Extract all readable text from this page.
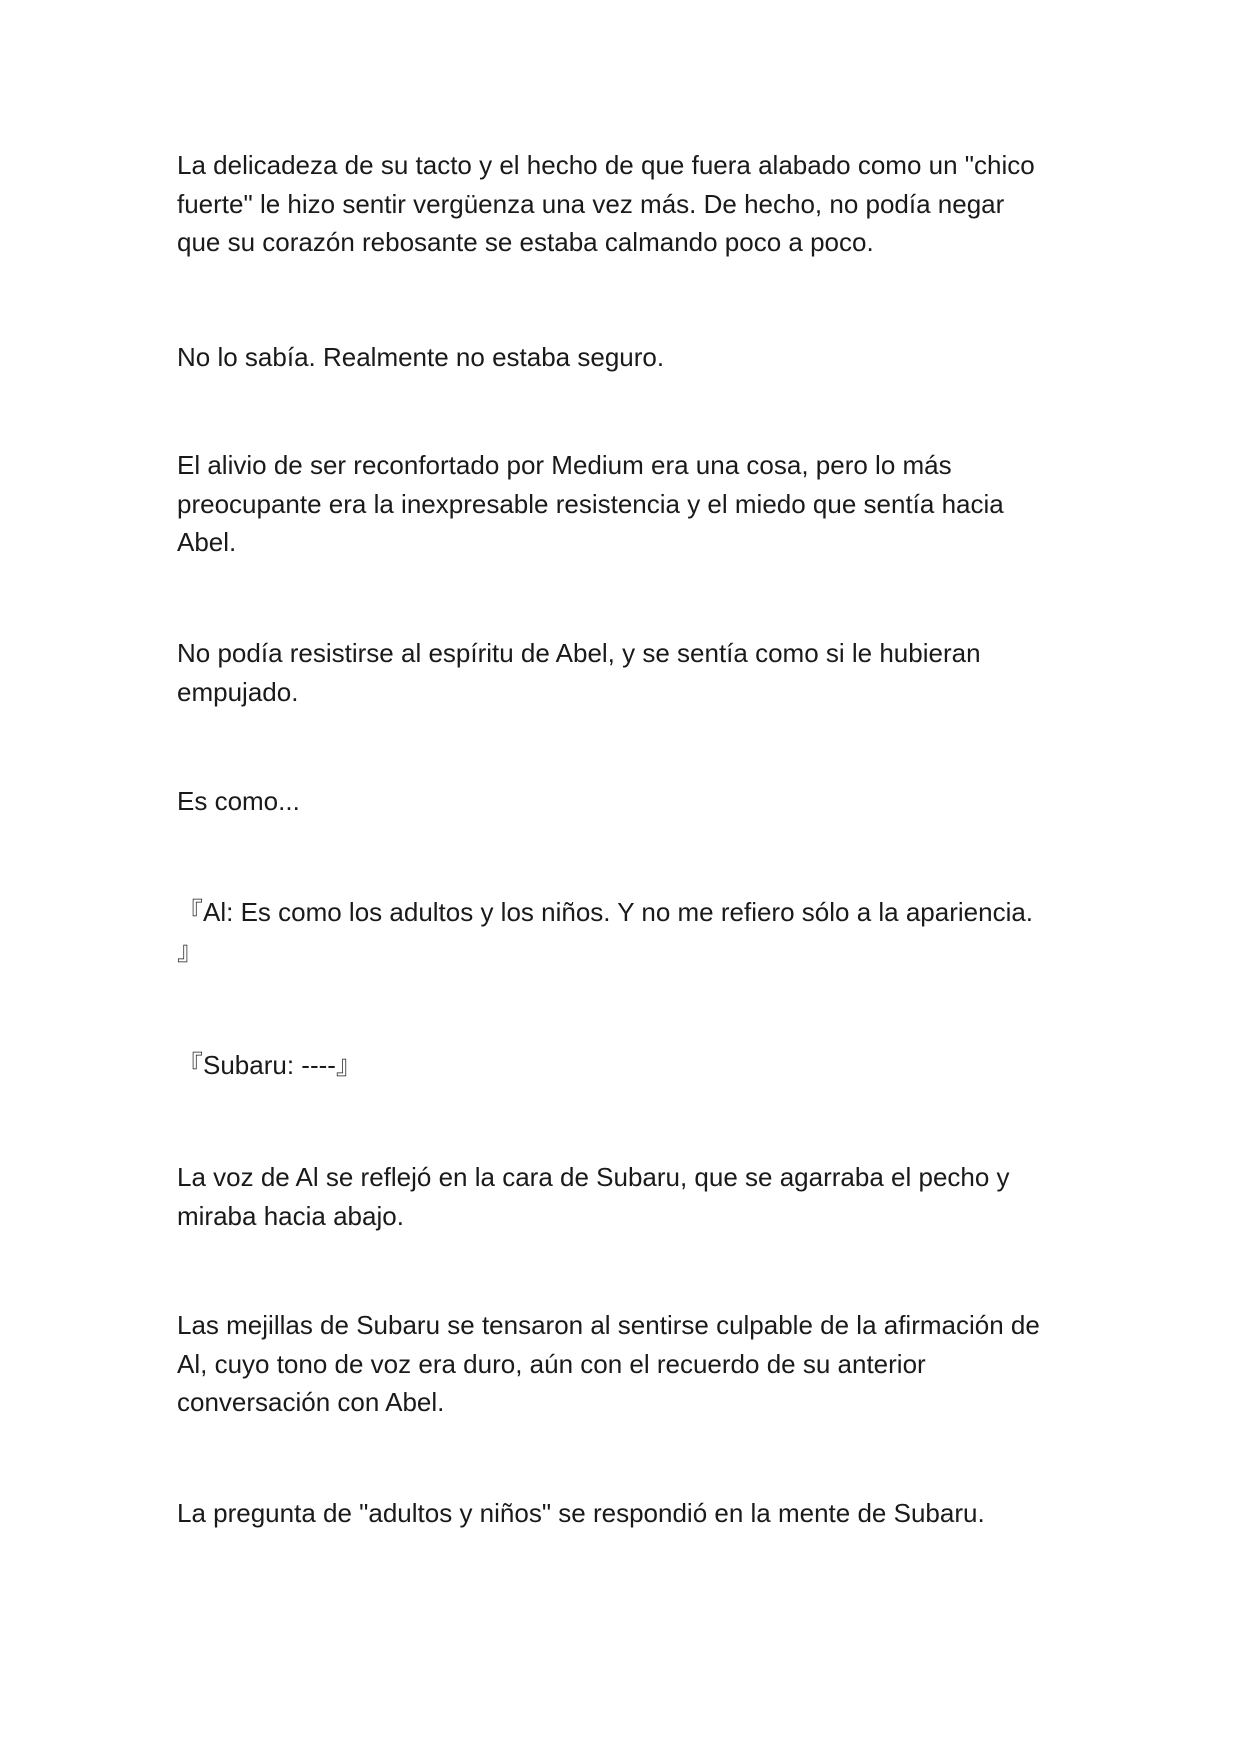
La delicadeza de su tacto y el hecho de que fuera alabado como un "chico
fuerte" le hizo sentir vergüenza una vez más. De hecho, no podía negar
que su corazón rebosante se estaba calmando poco a poco.

No lo sabía. Realmente no estaba seguro.

El alivio de ser reconfortado por Medium era una cosa, pero lo más
preocupante era la inexpresable resistencia y el miedo que sentía hacia
Abel.

No podía resistirse al espíritu de Abel, y se sentía como si le hubieran
empujado.

Es como...

『Al: Es como los adultos y los niños. Y no me refiero sólo a la apariencia.
』

『Subaru: ----』

La voz de Al se reflejó en la cara de Subaru, que se agarraba el pecho y
miraba hacia abajo.

Las mejillas de Subaru se tensaron al sentirse culpable de la afirmación de
Al, cuyo tono de voz era duro, aún con el recuerdo de su anterior
conversación con Abel.

La pregunta de "adultos y niños" se respondió en la mente de Subaru.
